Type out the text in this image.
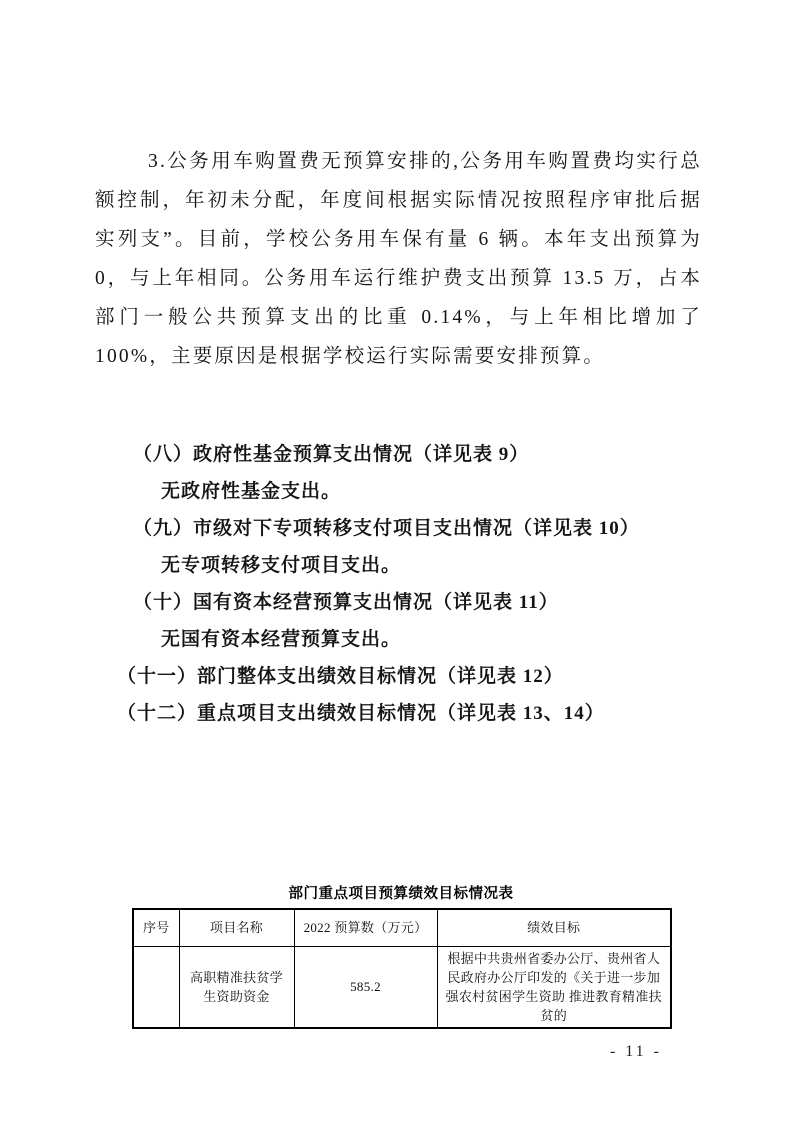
3.公务用车购置费无预算安排的,公务用车购置费均实行总额控制，年初未分配，年度间根据实际情况按照程序审批后据实列支”。目前，学校公务用车保有量 6 辆。本年支出预算为 0，与上年相同。公务用车运行维护费支出预算 13.5 万，占本部门一般公共预算支出的比重 0.14%，与上年相比增加了 100%，主要原因是根据学校运行实际需要安排预算。

（八）政府性基金预算支出情况（详见表 9）
无政府性基金支出。
（九）市级对下专项转移支付项目支出情况（详见表 10）
无专项转移支付项目支出。
（十）国有资本经营预算支出情况（详见表 11）
无国有资本经营预算支出。
（十一）部门整体支出绩效目标情况（详见表 12）
（十二）重点项目支出绩效目标情况（详见表 13、14）
部门重点项目预算绩效目标情况表
序号	项目名称	2022 预算数（万元）	绩效目标
	高职精准扶贫学生资助资金	585.2	根据中共贵州省委办公厅、贵州省人民政府办公厅印发的《关于进一步加强农村贫困学生资助 推进教育精准扶贫的
- 11 -
